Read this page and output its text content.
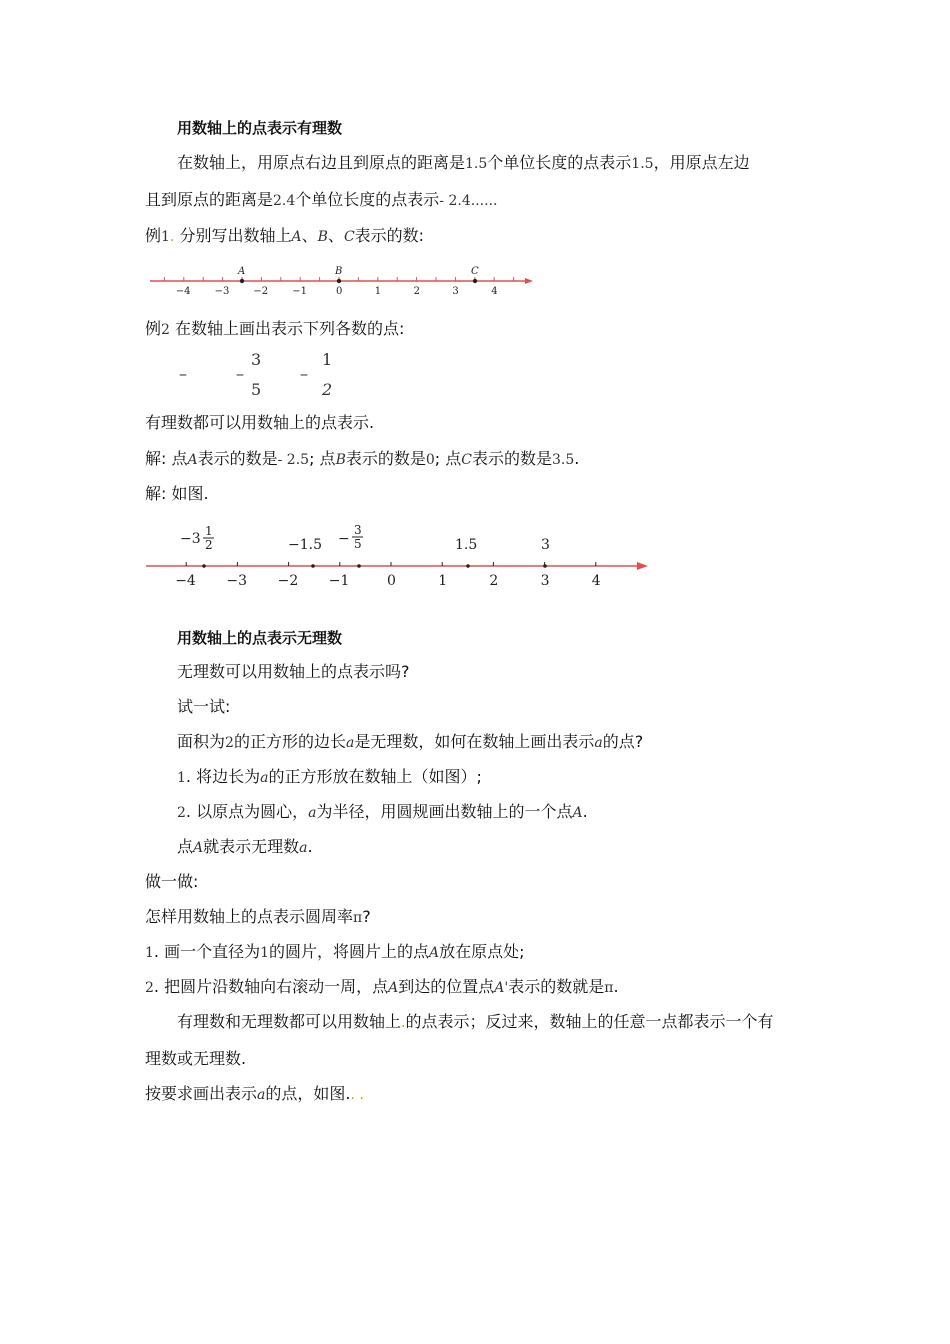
用数轴上的点表示有理数
在数轴上，用原点右边且到原点的距离是1.5个单位长度的点表示1.5，用原点左边
且到原点的距离是2.4个单位长度的点表示- 2.4......
例1. 分别写出数轴上A、B、C表示的数:
−4 −3 −2 −1	0	1	2	3	4
A	B	C
例2 在数轴上画出表示下列各数的点:
–	–
3
5
–
1
2
有理数都可以用数轴上的点表示.
解: 点A表示的数是- 2.5; 点B表示的数是0; 点C表示的数是3.5.
解: 如图.
−4 −3 −2 −1	0	1	2	3	4
−3 1
2	−1.5 −
3
5	1.5	3
用数轴上的点表示无理数
无理数可以用数轴上的点表示吗?
试一试:
面积为2的正方形的边长a是无理数，如何在数轴上画出表示a的点?
1. 将边长为a的正方形放在数轴上（如图）;
2. 以原点为圆心，a为半径，用圆规画出数轴上的一个点A.
点A就表示无理数a.
做一做:
怎样用数轴上的点表示圆周率π?
1. 画一个直径为1的圆片，将圆片上的点A放在原点处;
2. 把圆片沿数轴向右滚动一周，点A到达的位置点A'表示的数就是π.
有理数和无理数都可以用数轴上.的点表示；反过来，数轴上的任意一点都表示一个有
理数或无理数.
按要求画出表示a的点，如图.. .
